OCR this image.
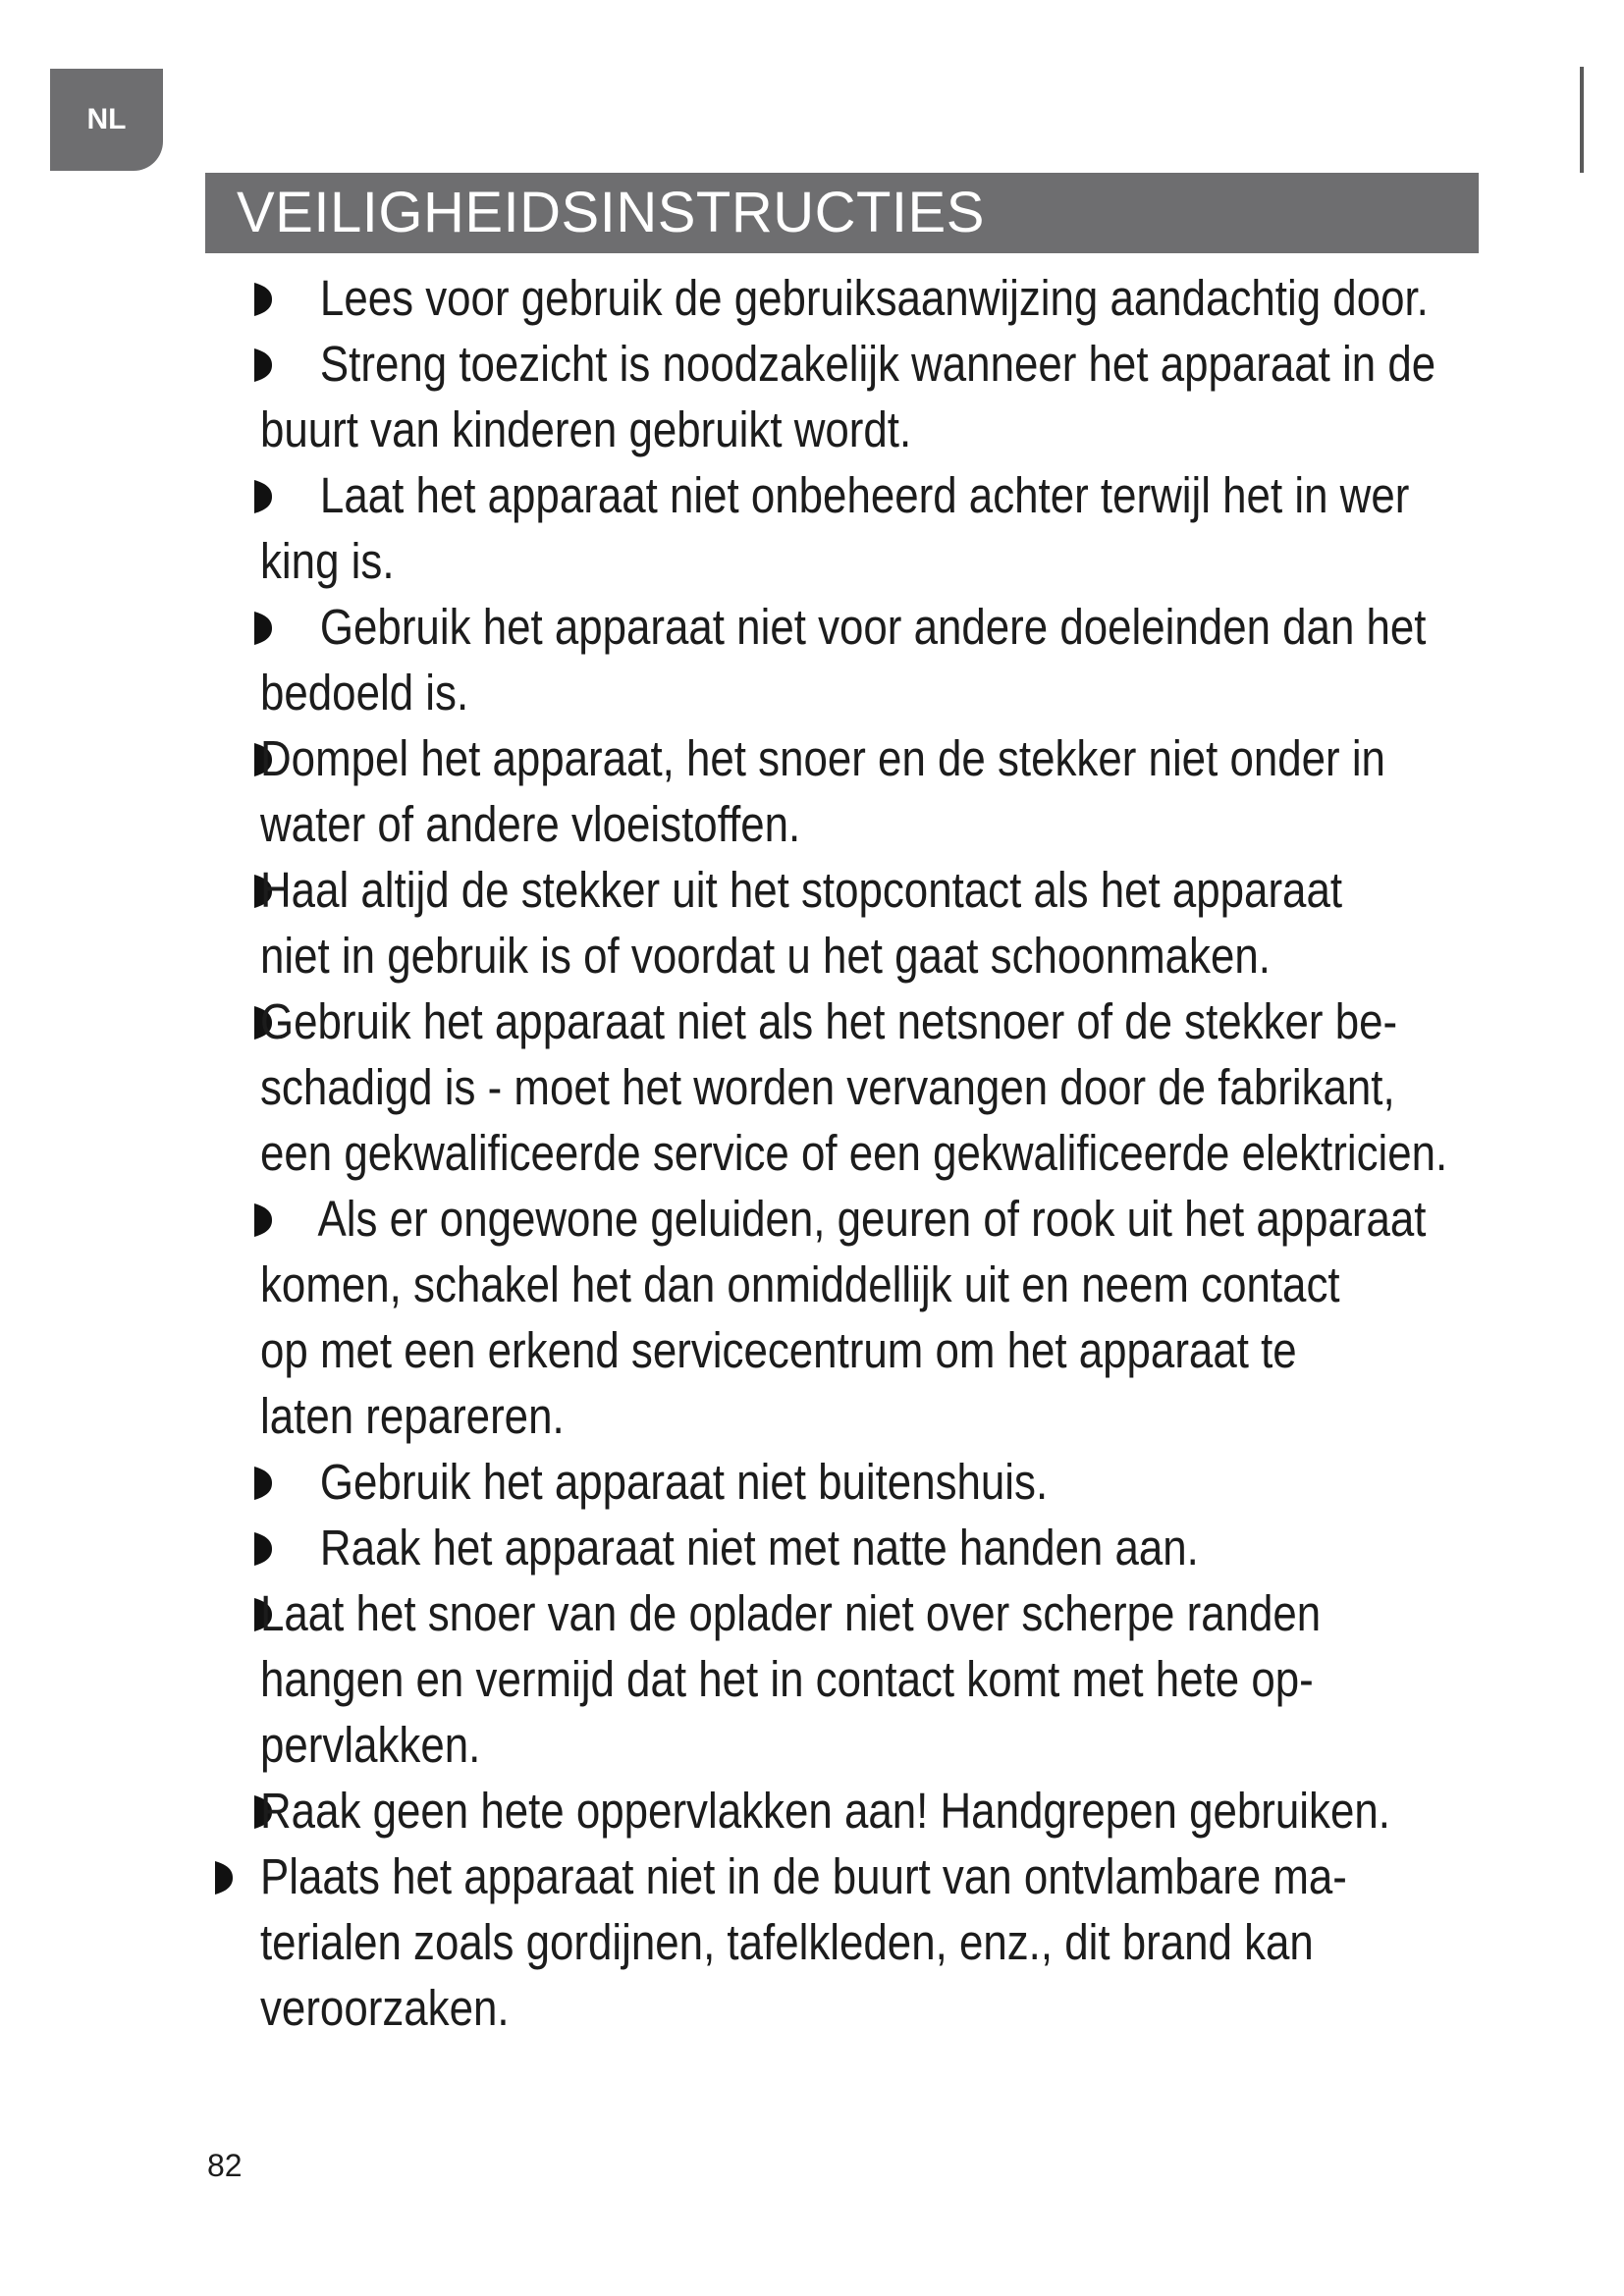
NL
VEILIGHEIDSINSTRUCTIES
Lees voor gebruik de gebruiksaanwijzing aandachtig door.
Streng toezicht is noodzakelijk wanneer het apparaat in de
buurt van kinderen gebruikt wordt.
Laat het apparaat niet onbeheerd achter terwijl het in wer
king is.
Gebruik het apparaat niet voor andere doeleinden dan het
bedoeld is.
Dompel het apparaat, het snoer en de stekker niet onder in
water of andere vloeistoffen.
Haal altijd de stekker uit het stopcontact als het apparaat
niet in gebruik is of voordat u het gaat schoonmaken.
Gebruik het apparaat niet als het netsnoer of de stekker be-
schadigd is - moet het worden vervangen door de fabrikant,
een gekwalificeerde service of een gekwalificeerde elektricien.
Als er ongewone geluiden, geuren of rook uit het apparaat
komen, schakel het dan onmiddellijk uit en neem contact
op met een erkend servicecentrum om het apparaat te
laten repareren.
Gebruik het apparaat niet buitenshuis.
Raak het apparaat niet met natte handen aan.
Laat het snoer van de oplader niet over scherpe randen
hangen en vermijd dat het in contact komt met hete op-
pervlakken.
Raak geen hete oppervlakken aan! Handgrepen gebruiken.
Plaats het apparaat niet in de buurt van ontvlambare ma-
terialen zoals gordijnen, tafelkleden, enz., dit brand kan
veroorzaken.
82
